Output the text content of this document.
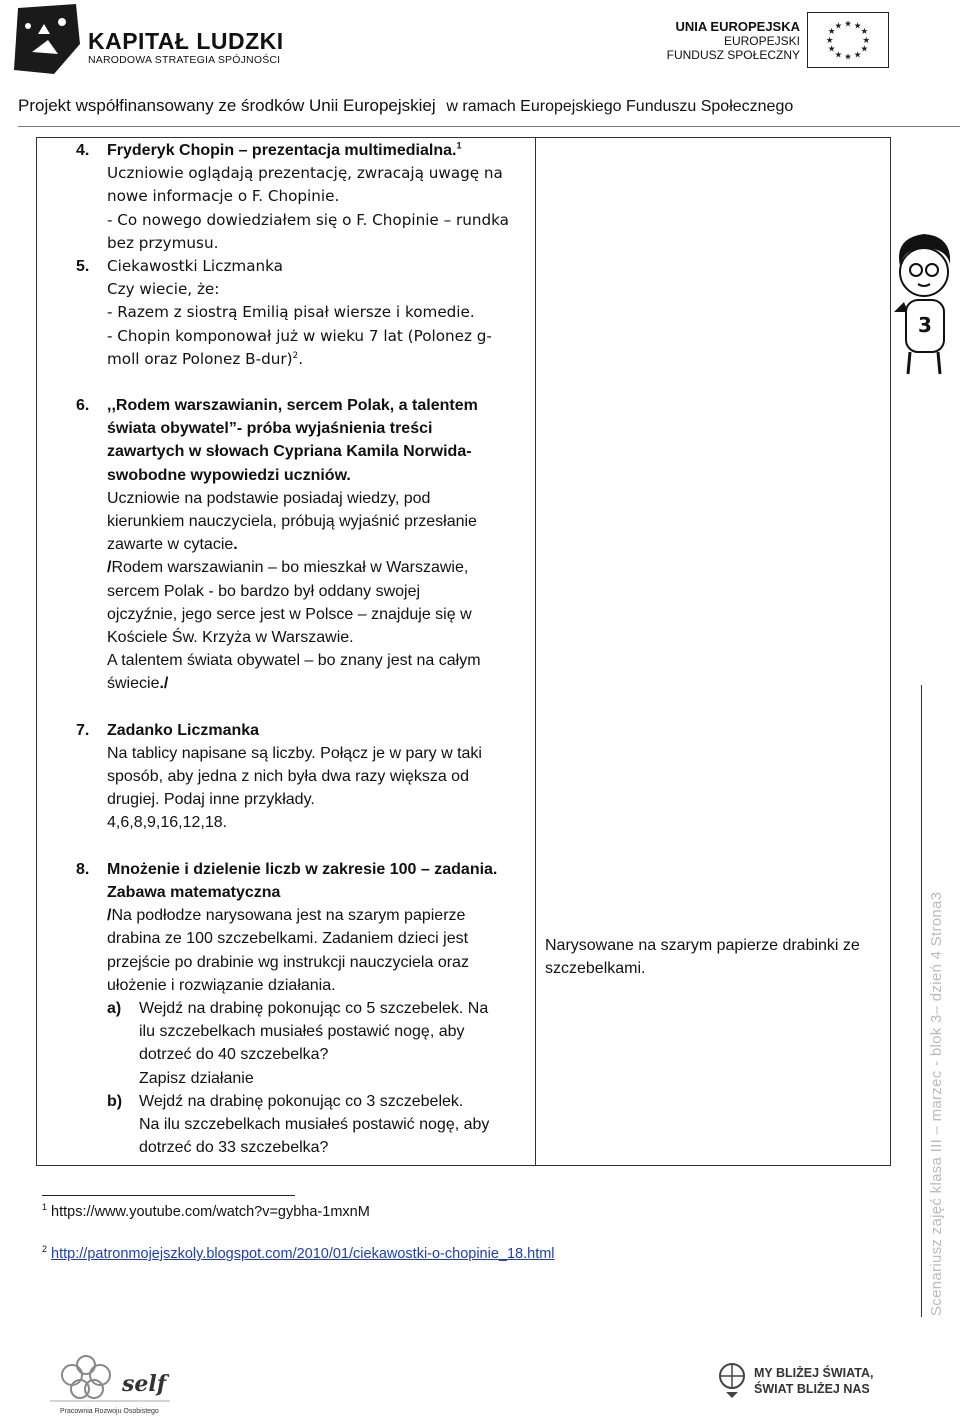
KAPITAŁ LUDZKI
NARODOWA STRATEGIA SPÓJNOŚCI
UNIA EUROPEJSKA
EUROPEJSKI
FUNDUSZ SPOŁECZNY
★ ★
★
★
★
★
★
★
★
★
★
★
Projekt współfinansowany ze środków Unii Europejskiej w ramach Europejskiego Funduszu Społecznego
4. Fryderyk Chopin – prezentacja multimedialna.$^1$

Uczniowie oglądają prezentację, zwracają uwagę na

nowe informacje o F. Chopinie.

- Co nowego dowiedziałem się o F. Chopinie – rundka

bez przymusu.

5. Ciekawostki Liczmanka

Czy wiecie, że:

- Razem z siostrą Emilią pisał wiersze i komedie.

- Chopin komponował już w wieku 7 lat (Polonez g-

moll oraz Polonez B-dur)$^2$.

6. ,,Rodem warszawianin, sercem Polak, a talentem

świata obywatel”- próba wyjaśnienia treści

zawartych w słowach Cypriana Kamila Norwida-

swobodne wypowiedzi uczniów.

Uczniowie na podstawie posiadaj wiedzy, pod

kierunkiem nauczyciela, próbują wyjaśnić przesłanie

zawarte w cytacie.

/Rodem warszawianin – bo mieszkał w Warszawie,

sercem Polak - bo bardzo był oddany swojej

ojczyźnie, jego serce jest w Polsce – znajduje się w

Kościele Św. Krzyża w Warszawie.

A talentem świata obywatel – bo znany jest na całym

świecie./

7. Zadanko Liczmanka

Na tablicy napisane są liczby. Połącz je w pary w taki

sposób, aby jedna z nich była dwa razy większa od

drugiej. Podaj inne przykłady.

4,6,8,9,16,12,18.

8. Mnożenie i dzielenie liczb w zakresie 100 – zadania.

Zabawa matematyczna

/Na podłodze narysowana jest na szarym papierze

drabina ze 100 szczebelkami. Zadaniem dzieci jest

przejście po drabinie wg instrukcji nauczyciela oraz

ułożenie i rozwiązanie działania.

a) Wejdź na drabinę pokonując co 5 szczebelek. Na

ilu szczebelkach musiałeś postawić nogę, aby

dotrzeć do 40 szczebelka?

Zapisz działanie

b) Wejdź na drabinę pokonując co 3 szczebelek.

Na ilu szczebelkach musiałeś postawić nogę, aby

dotrzeć do 33 szczebelka?

Narysowane na szarym papierze drabinki ze szczebelkami.
$^1$ https://www.youtube.com/watch?v=gybha-1mxnM
$^2$ http://patronmojejszkoly.blogspot.com/2010/01/ciekawostki-o-chopinie_18.html
3
Scenariusz zajęć klasa III – marzec - blok 3– dzień 4 Strona3
self
Pracownia Rozwoju Osobistego
MY BLIŻEJ ŚWIATA,
ŚWIAT BLIŻEJ NAS
